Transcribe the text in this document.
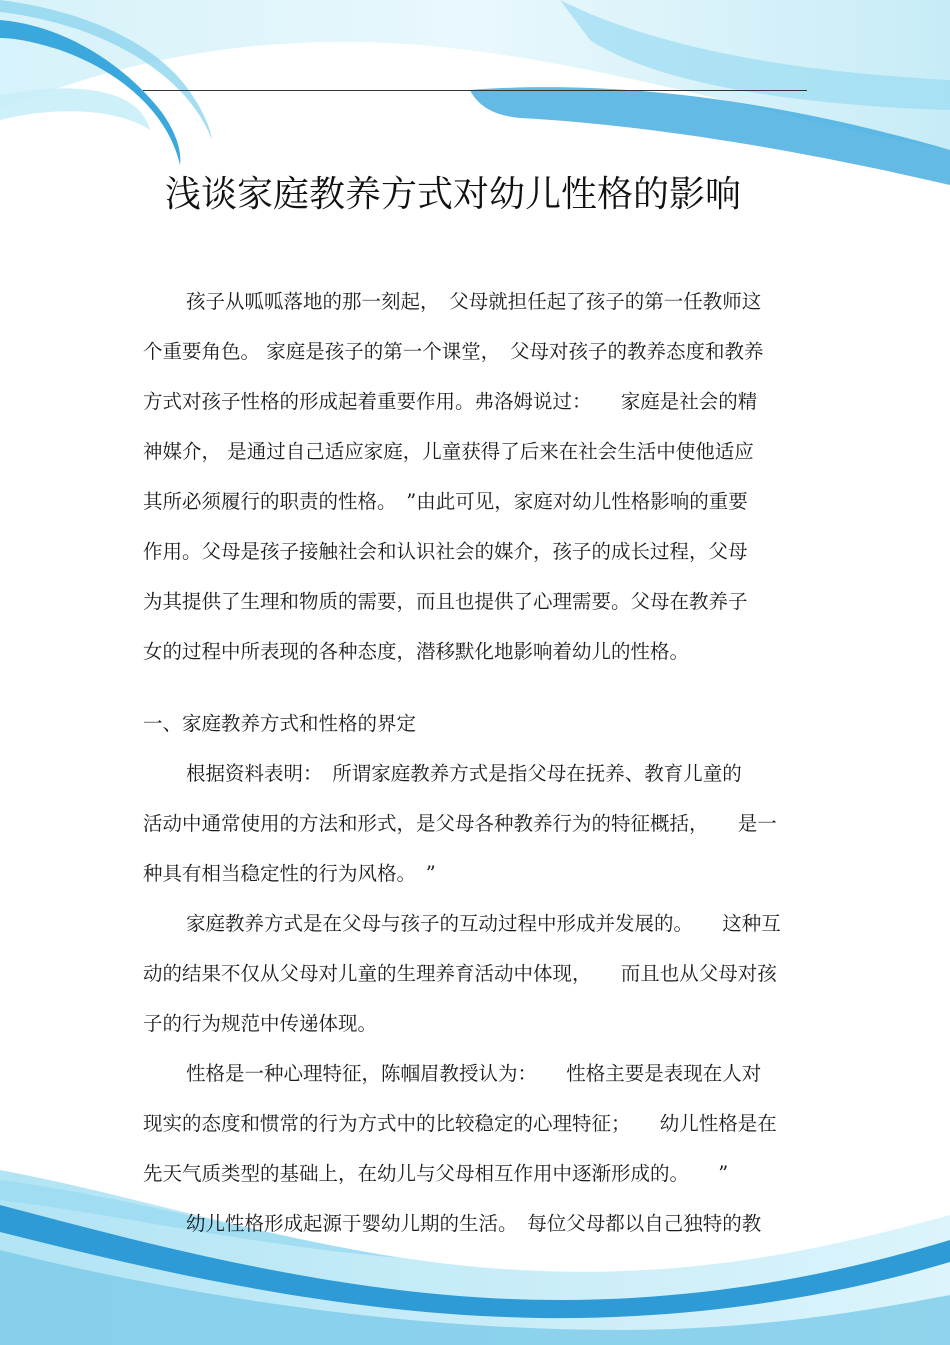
浅谈家庭教养方式对幼儿性格的影响

孩子从呱呱落地的那一刻起，　父母就担任起了孩子的第一任教师这

个重要角色。 家庭是孩子的第一个课堂，　父母对孩子的教养态度和教养

方式对孩子性格的形成起着重要作用。弗洛姆说过：　　家庭是社会的精

神媒介， 是通过自己适应家庭，儿童获得了后来在社会生活中使他适应

其所必须履行的职责的性格。　”由此可见，家庭对幼儿性格影响的重要

作用。父母是孩子接触社会和认识社会的媒介，孩子的成长过程，父母

为其提供了生理和物质的需要，而且也提供了心理需要。父母在教养子

女的过程中所表现的各种态度，潜移默化地影响着幼儿的性格。

一、家庭教养方式和性格的界定

根据资料表明：　所谓家庭教养方式是指父母在抚养、教育儿童的

活动中通常使用的方法和形式，是父母各种教养行为的特征概括，　　是一

种具有相当稳定性的行为风格。　”

家庭教养方式是在父母与孩子的互动过程中形成并发展的。　　这种互

动的结果不仅从父母对儿童的生理养育活动中体现，　　而且也从父母对孩

子的行为规范中传递体现。

性格是一种心理特征，陈帼眉教授认为：　　性格主要是表现在人对

现实的态度和惯常的行为方式中的比较稳定的心理特征；　　幼儿性格是在

先天气质类型的基础上，在幼儿与父母相互作用中逐渐形成的。　　”

幼儿性格形成起源于婴幼儿期的生活。　每位父母都以自己独特的教
